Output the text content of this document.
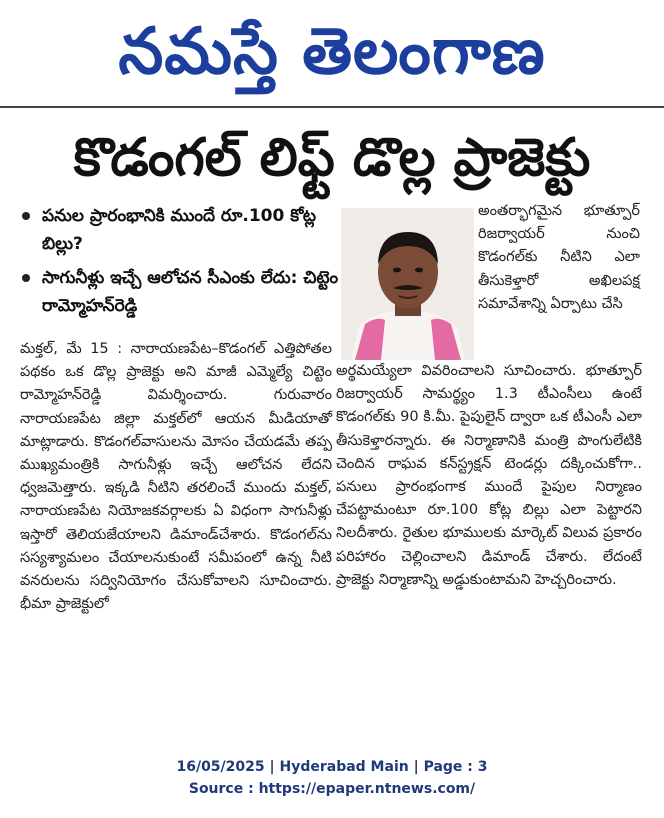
నమస్తే తెలంగాణ
కొడంగల్ లిఫ్ట్ డొల్ల ప్రాజెక్టు
పనుల ప్రారంభానికి ముందే రూ.100 కోట్ల బిల్లు?
సాగునీళ్లు ఇచ్చే ఆలోచన సీఎంకు లేదు: చిట్టెం రామ్మోహన్‌రెడ్డి
అంతర్భాగమైన భూత్పూర్ రిజర్వాయర్ నుంచి కొడంగల్‌కు నీటిని ఎలా తీసుకెళ్తారో అఖిలపక్ష సమావేశాన్ని ఏర్పాటు చేసి
మక్తల్, మే 15 : నారాయణపేట–కొడంగల్ ఎత్తిపోతల పథకం ఒక డొల్ల ప్రాజెక్టు అని మాజీ ఎమ్మెల్యే చిట్టెం రామ్మోహన్‌రెడ్డి విమర్శించారు. గురువారం నారాయణపేట జిల్లా మక్తల్‌లో ఆయన మీడియాతో మాట్లాడారు. కొడంగల్‌వాసులను మోసం చేయడమే తప్ప ముఖ్యమంత్రికి సాగునీళ్లు ఇచ్చే ఆలోచన లేదని ధ్వజమెత్తారు. ఇక్కడి నీటిని తరలించే ముందు మక్తల్, నారాయణపేట నియోజకవర్గాలకు ఏ విధంగా సాగునీళ్లు ఇస్తారో తెలియజేయాలని డిమాండ్‌చేశారు. కొడంగల్‌ను సస్యశ్యామలం చేయాలనుకుంటే సమీపంలో ఉన్న నీటి వనరులను సద్వినియోగం చేసుకోవాలని సూచించారు. భీమా ప్రాజెక్టులో
అర్థమయ్యేలా వివరించాలని సూచించారు. భూత్పూర్ రిజర్వాయర్ సామర్థ్యం 1.3 టీఎంసీలు ఉంటే కొడంగల్‌కు 90 కి.మీ. పైపులైన్ ద్వారా ఒక టీఎంసీ ఎలా తీసుకెళ్తారన్నారు. ఈ నిర్మాణానికి మంత్రి పొంగులేటికి చెందిన రాఘవ కన్‌స్ట్రక్షన్ టెండర్లు దక్కించుకోగా.. పనులు ప్రారంభంగాక ముందే పైపుల నిర్మాణం చేపట్టామంటూ రూ.100 కోట్ల బిల్లు ఎలా పెట్టారని నిలదీశారు. రైతుల భూములకు మార్కెట్ విలువ ప్రకారం పరిహారం చెల్లించాలని డిమాండ్ చేశారు. లేదంటే ప్రాజెక్టు నిర్మాణాన్ని అడ్డుకుంటామని హెచ్చరించారు.
16/05/2025 | Hyderabad Main | Page : 3
Source : https://epaper.ntnews.com/
